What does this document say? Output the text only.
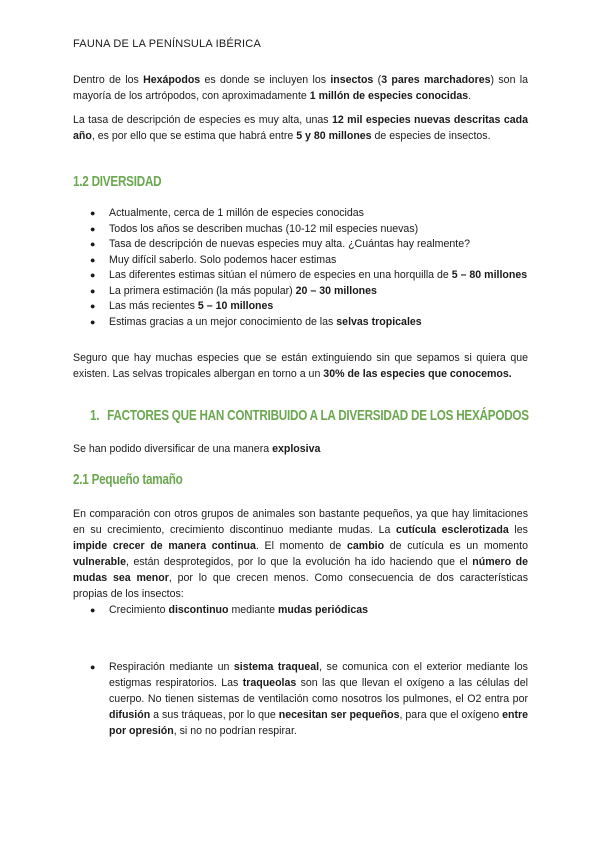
FAUNA DE LA PENÍNSULA IBÉRICA
Dentro de los Hexápodos es donde se incluyen los insectos (3 pares marchadores) son la mayoría de los artrópodos, con aproximadamente 1 millón de especies conocidas.
La tasa de descripción de especies es muy alta, unas 12 mil especies nuevas descritas cada año, es por ello que se estima que habrá entre 5 y 80 millones de especies de insectos.
1.2 DIVERSIDAD
● Actualmente, cerca de 1 millón de especies conocidas
● Todos los años se describen muchas (10-12 mil especies nuevas)
● Tasa de descripción de nuevas especies muy alta. ¿Cuántas hay realmente?
● Muy difícil saberlo. Solo podemos hacer estimas
● Las diferentes estimas sitúan el número de especies en una horquilla de 5 – 80 millones
● La primera estimación (la más popular) 20 – 30 millones
● Las más recientes 5 – 10 millones
● Estimas gracias a un mejor conocimiento de las selvas tropicales
Seguro que hay muchas especies que se están extinguiendo sin que sepamos si quiera que existen. Las selvas tropicales albergan en torno a un 30% de las especies que conocemos.
1. FACTORES QUE HAN CONTRIBUIDO A LA DIVERSIDAD DE LOS HEXÁPODOS
Se han podido diversificar de una manera explosiva
2.1 Pequeño tamaño
En comparación con otros grupos de animales son bastante pequeños, ya que hay limitaciones en su crecimiento, crecimiento discontinuo mediante mudas. La cutícula esclerotizada les impide crecer de manera continua. El momento de cambio de cutícula es un momento vulnerable, están desprotegidos, por lo que la evolución ha ido haciendo que el número de mudas sea menor, por lo que crecen menos. Como consecuencia de dos características propias de los insectos:
● Crecimiento discontinuo mediante mudas periódicas
● Respiración mediante un sistema traqueal, se comunica con el exterior mediante los estigmas respiratorios. Las traqueolas son las que llevan el oxígeno a las células del cuerpo. No tienen sistemas de ventilación como nosotros los pulmones, el O2 entra por difusión a sus tráqueas, por lo que necesitan ser pequeños, para que el oxígeno entre por opresión, si no no podrían respirar.
